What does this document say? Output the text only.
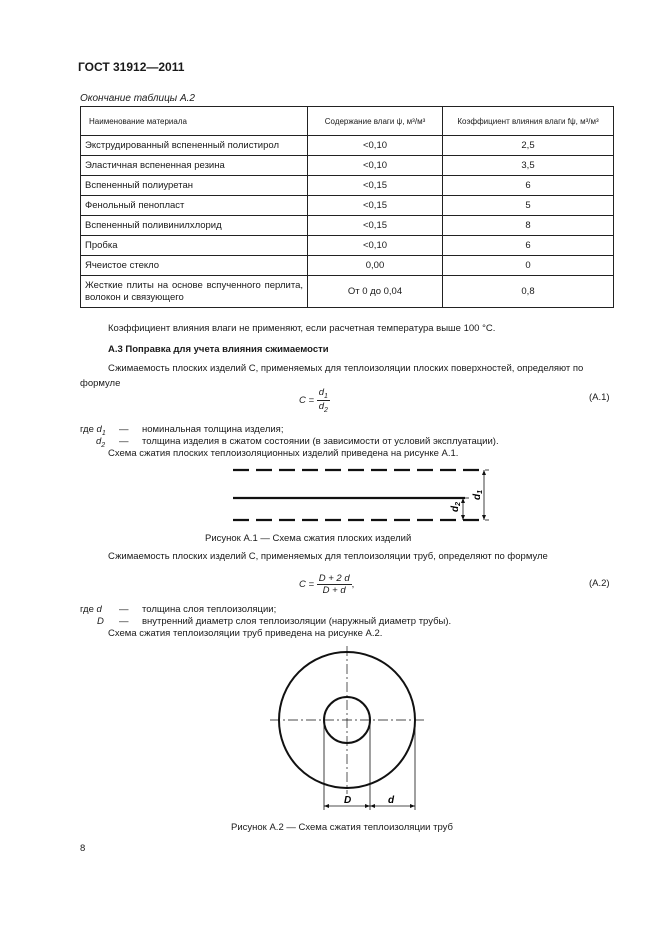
ГОСТ 31912—2011
Окончание таблицы А.2
Наименование материала	Содержание влаги ψ, м³/м³	Коэффициент влияния влаги fψ, м³/м³
Экструдированный вспененный полистирол	<0,10	2,5
Эластичная вспененная резина	<0,10	3,5
Вспененный полиуретан	<0,15	6
Фенольный пенопласт	<0,15	5
Вспененный поливинилхлорид	<0,15	8
Пробка	<0,10	6
Ячеистое стекло	0,00	0
Жесткие плиты на основе вспученного перлита, волокон и связующего	От 0 до 0,04	0,8
Коэффициент влияния влаги не применяют, если расчетная температура выше 100 °С.
А.3 Поправка для учета влияния сжимаемости
Сжимаемость плоских изделий С, применяемых для теплоизоляции плоских поверхностей, определяют по формуле
$С = \frac{d_1}{d_2}$	(А.1)
где $d_1$ — номинальная толщина изделия;
$d_2$ — толщина изделия в сжатом состоянии (в зависимости от условий эксплуатации).
Схема сжатия плоских теплоизоляционных изделий приведена на рисунке А.1.
$d_2$
$d_1$
Рисунок А.1 — Схема сжатия плоских изделий
Сжимаемость плоских изделий С, применяемых для теплоизоляции труб, определяют по формуле
$С = \frac{D + 2 d}{D + d}$ ,	(А.2)
где d — толщина слоя теплоизоляции;
D — внутренний диаметр слоя теплоизоляции (наружный диаметр трубы).
Схема сжатия теплоизоляции труб приведена на рисунке А.2.
D	d
Рисунок А.2 — Схема сжатия теплоизоляции труб
8
